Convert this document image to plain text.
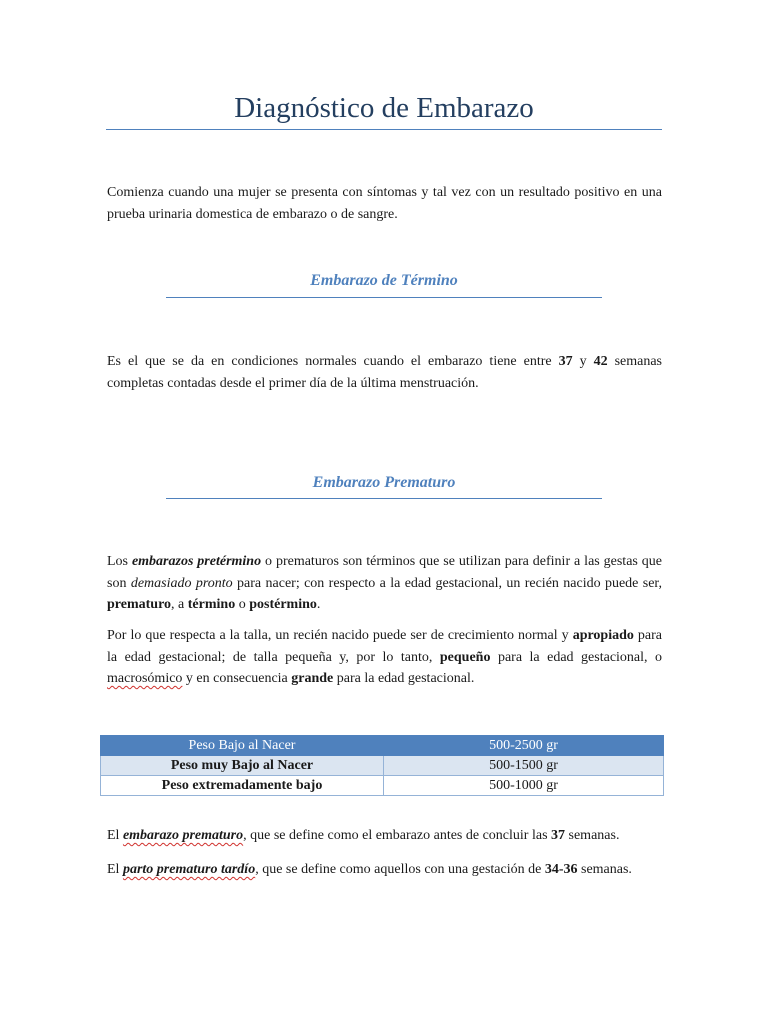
Diagnóstico de Embarazo

Comienza cuando una mujer se presenta con síntomas y tal vez con un resultado positivo en una prueba urinaria domestica de embarazo o de sangre.

Embarazo de Término

Es el que se da en condiciones normales cuando el embarazo tiene entre 37 y 42 semanas completas contadas desde el primer día de la última menstruación.

Embarazo Prematuro

Los embarazos pretérmino o prematuros son términos que se utilizan para definir a las gestas que son demasiado pronto para nacer; con respecto a la edad gestacional, un recién nacido puede ser, prematuro, a término o postérmino.

Por lo que respecta a la talla, un recién nacido puede ser de crecimiento normal y apropiado para la edad gestacional; de talla pequeña y, por lo tanto, pequeño para la edad gestacional, o macrosómico y en consecuencia grande para la edad gestacional.

Peso Bajo al Nacer	500-2500 gr
Peso muy Bajo al Nacer	500-1500 gr
Peso extremadamente bajo	500-1000 gr

El embarazo prematuro, que se define como el embarazo antes de concluir las 37 semanas.

El parto prematuro tardío, que se define como aquellos con una gestación de 34-36 semanas.
